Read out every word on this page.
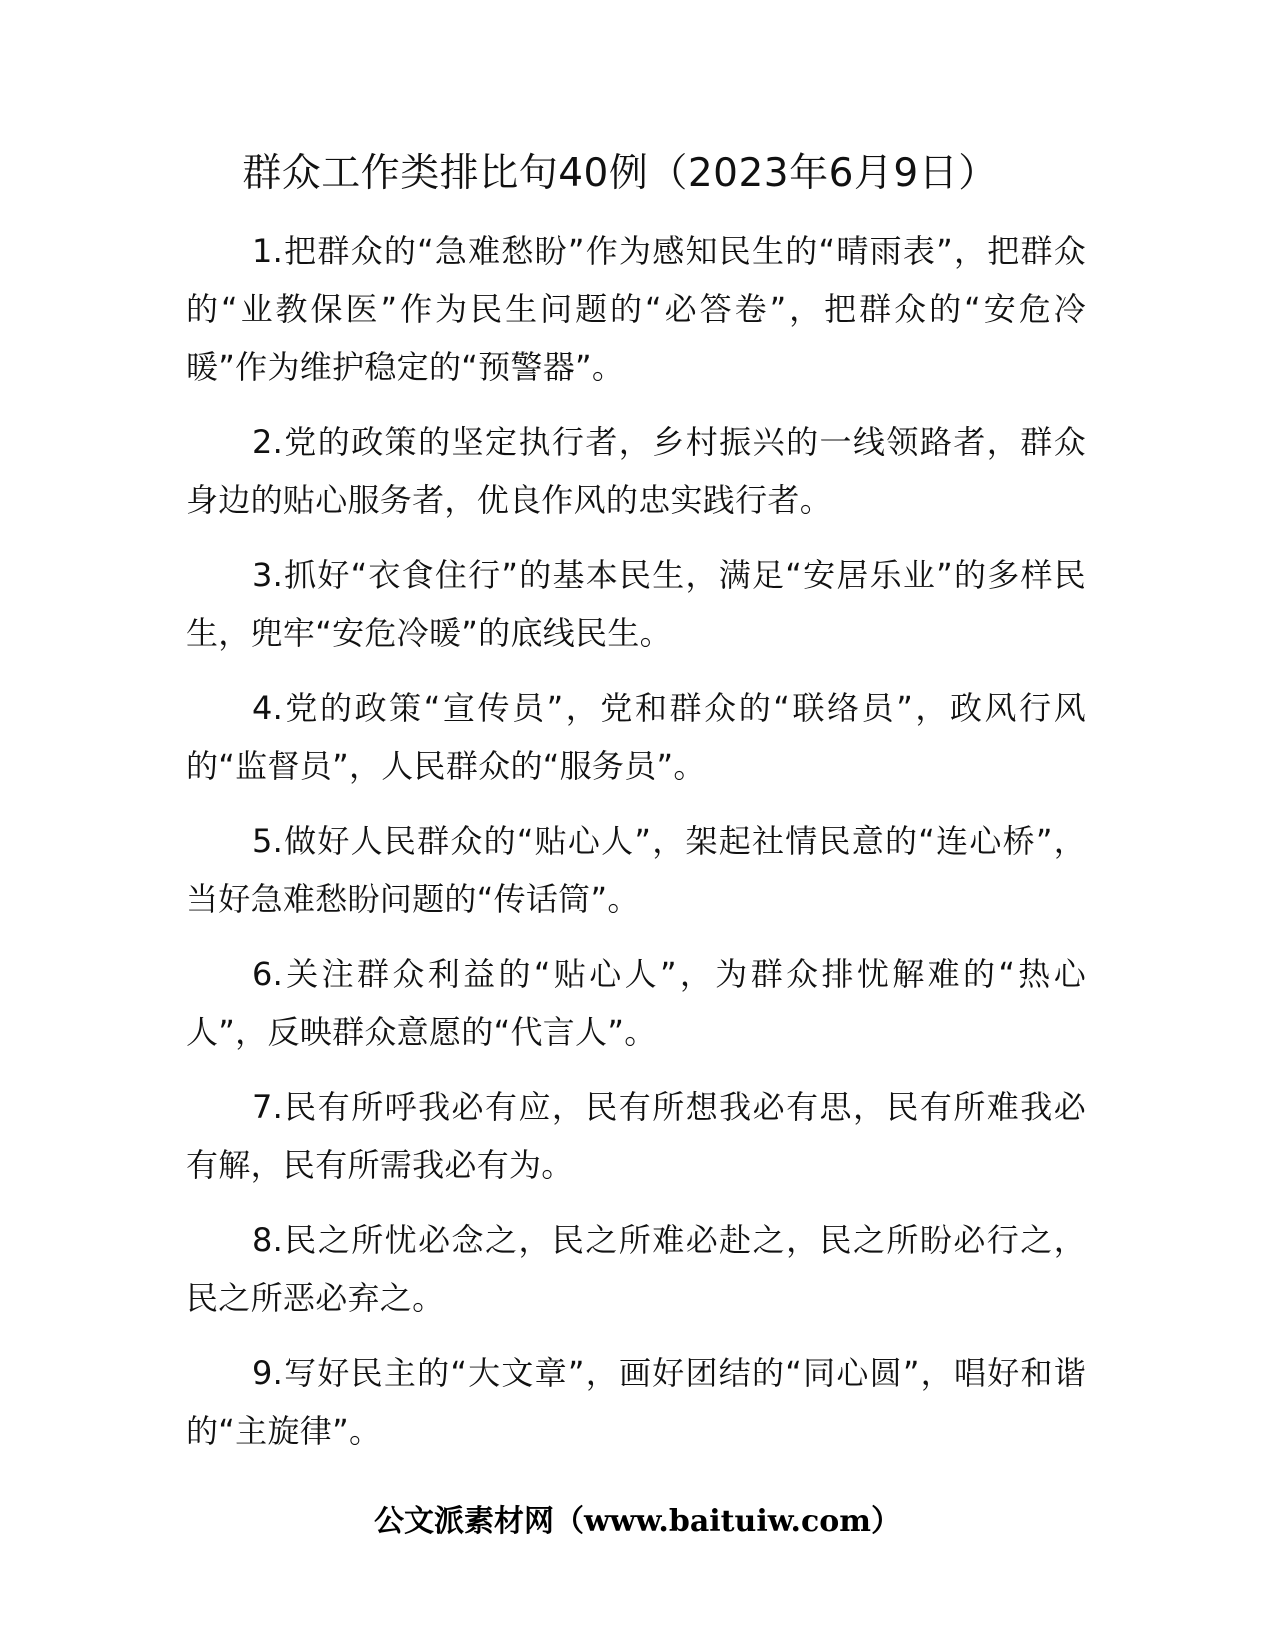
群众工作类排比句40例（2023年6月9日）

1.把群众的“急难愁盼”作为感知民生的“晴雨表”，把群众的“业教保医”作为民生问题的“必答卷”，把群众的“安危冷暖”作为维护稳定的“预警器”。

2.党的政策的坚定执行者，乡村振兴的一线领路者，群众身边的贴心服务者，优良作风的忠实践行者。

3.抓好“衣食住行”的基本民生，满足“安居乐业”的多样民生，兜牢“安危冷暖”的底线民生。

4.党的政策“宣传员”，党和群众的“联络员”，政风行风的“监督员”，人民群众的“服务员”。

5.做好人民群众的“贴心人”，架起社情民意的“连心桥”，当好急难愁盼问题的“传话筒”。

6.关注群众利益的“贴心人”，为群众排忧解难的“热心人”，反映群众意愿的“代言人”。

7.民有所呼我必有应，民有所想我必有思，民有所难我必有解，民有所需我必有为。

8.民之所忧必念之，民之所难必赴之，民之所盼必行之，民之所恶必弃之。

9.写好民主的“大文章”，画好团结的“同心圆”，唱好和谐的“主旋律”。

公文派素材网（www.baituiw.com）
